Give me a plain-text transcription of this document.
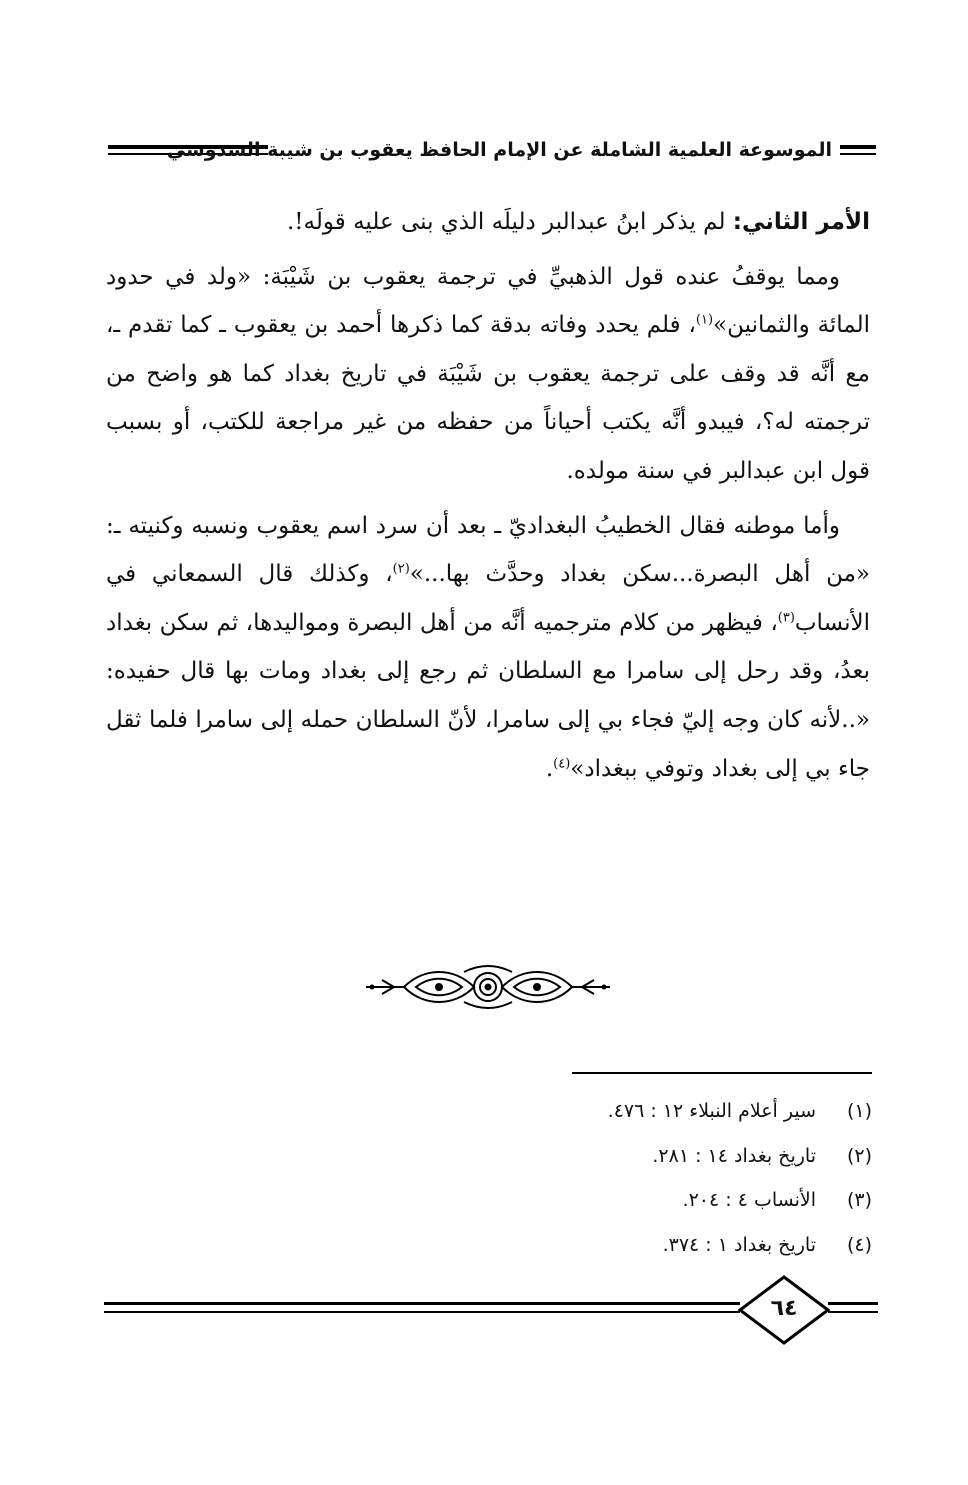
الموسوعة العلمية الشاملة عن الإمام الحافظ يعقوب بن شيبة السدوسي

الأمر الثاني: لم يذكر ابنُ عبدالبر دليلَه الذي بنى عليه قولَه!.

ومما يوقفُ عنده قول الذهبيِّ في ترجمة يعقوب بن شَيْبَة: «ولد في حدود المائة والثمانين»$^{(١)}$، فلم يحدد وفاته بدقة كما ذكرها أحمد بن يعقوب ـ كما تقدم ـ، مع أنَّه قد وقف على ترجمة يعقوب بن شَيْبَة في تاريخ بغداد كما هو واضح من ترجمته له؟، فيبدو أنَّه يكتب أحياناً من حفظه من غير مراجعة للكتب، أو بسبب قول ابن عبدالبر في سنة مولده.

وأما موطنه فقال الخطيبُ البغداديّ ـ بعد أن سرد اسم يعقوب ونسبه وكنيته ـ: «من أهل البصرة...سكن بغداد وحدَّث بها...»$^{(٢)}$، وكذلك قال السمعاني في الأنساب$^{(٣)}$، فيظهر من كلام مترجميه أنَّه من أهل البصرة ومواليدها، ثم سكن بغداد بعدُ، وقد رحل إلى سامرا مع السلطان ثم رجع إلى بغداد ومات بها قال حفيده: «..لأنه كان وجه إليّ فجاء بي إلى سامرا، لأنّ السلطان حمله إلى سامرا فلما ثقل جاء بي إلى بغداد وتوفي ببغداد»$^{(٤)}$.

(١)سير أعلام النبلاء ١٢ : ٤٧٦.
(٢)تاريخ بغداد ١٤ : ٢٨١.
(٣)الأنساب ٤ : ٢٠٤.
(٤)تاريخ بغداد ١ : ٣٧٤.
٦٤
